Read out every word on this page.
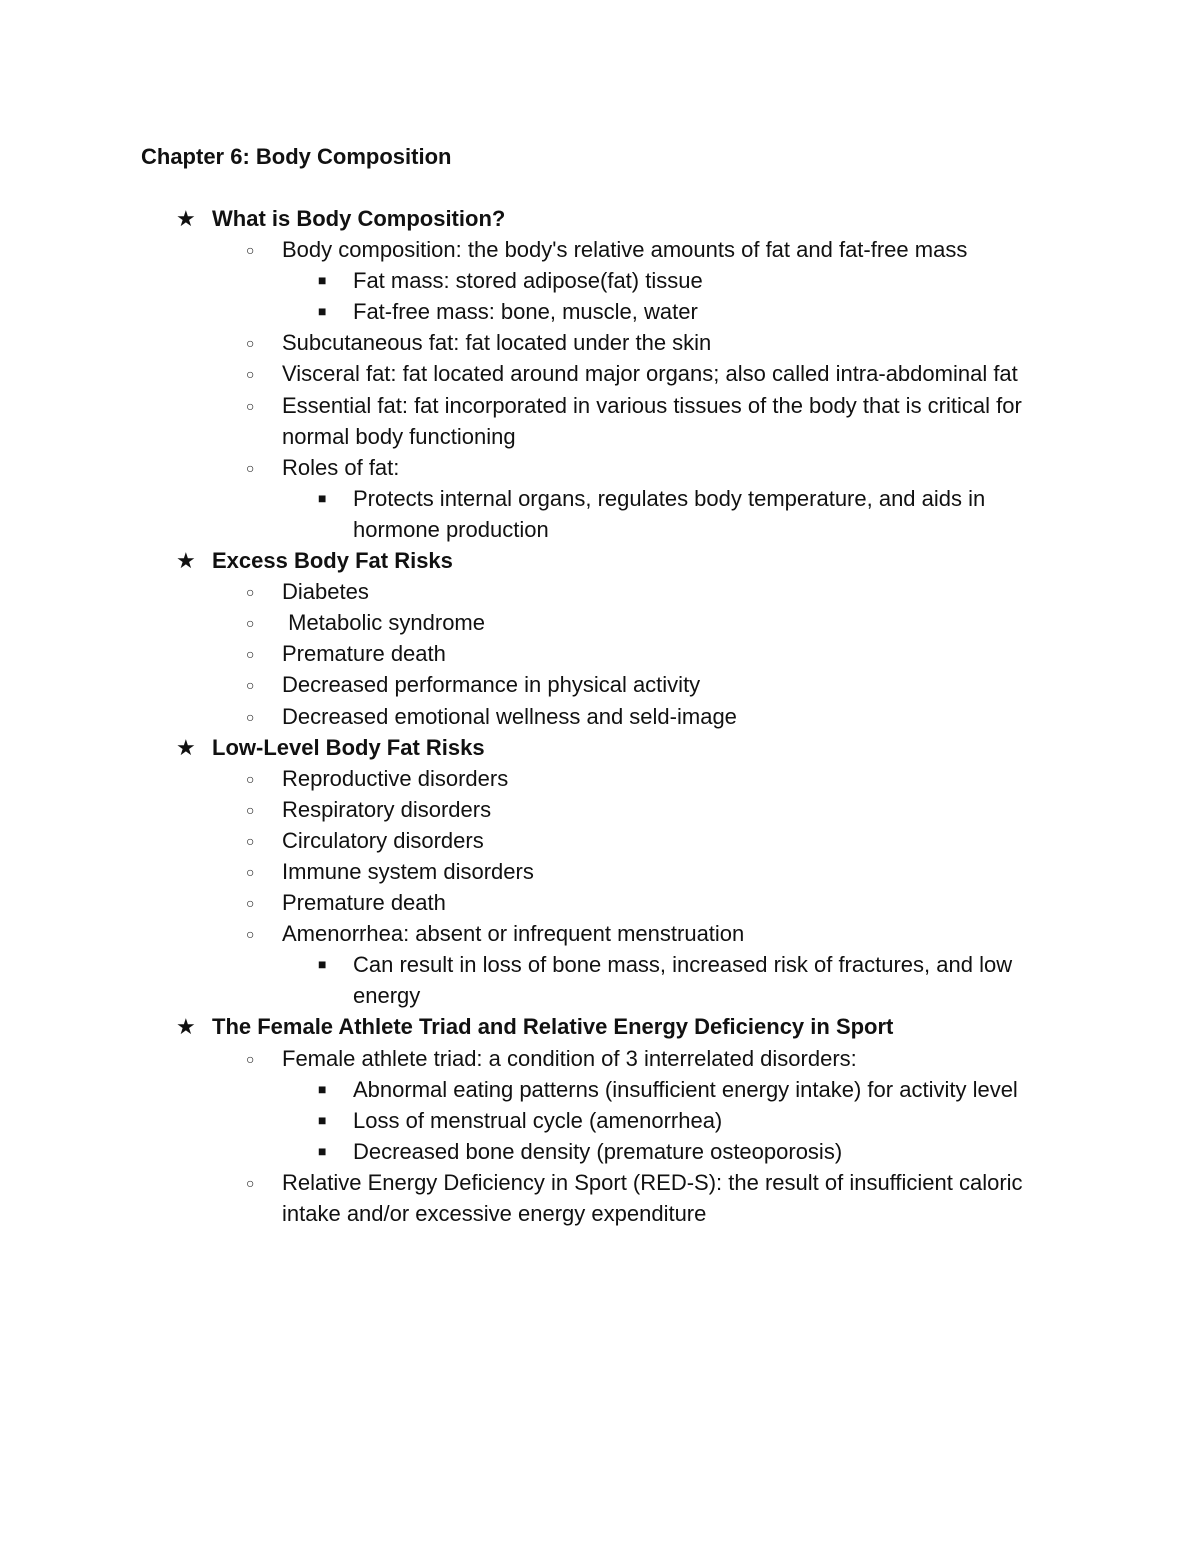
Chapter 6: Body Composition
★ What is Body Composition?
○ Body composition: the body's relative amounts of fat and fat-free mass
■ Fat mass: stored adipose(fat) tissue
■ Fat-free mass: bone, muscle, water
○ Subcutaneous fat: fat located under the skin
○ Visceral fat: fat located around major organs; also called intra-abdominal fat
○ Essential fat: fat incorporated in various tissues of the body that is critical for normal body functioning
○ Roles of fat:
■ Protects internal organs, regulates body temperature, and aids in hormone production
★ Excess Body Fat Risks
○ Diabetes
○ Metabolic syndrome
○ Premature death
○ Decreased performance in physical activity
○ Decreased emotional wellness and seld-image
★ Low-Level Body Fat Risks
○ Reproductive disorders
○ Respiratory disorders
○ Circulatory disorders
○ Immune system disorders
○ Premature death
○ Amenorrhea: absent or infrequent menstruation
■ Can result in loss of bone mass, increased risk of fractures, and low energy
★ The Female Athlete Triad and Relative Energy Deficiency in Sport
○ Female athlete triad: a condition of 3 interrelated disorders:
■ Abnormal eating patterns (insufficient energy intake) for activity level
■ Loss of menstrual cycle (amenorrhea)
■ Decreased bone density (premature osteoporosis)
○ Relative Energy Deficiency in Sport (RED-S): the result of insufficient caloric intake and/or excessive energy expenditure
